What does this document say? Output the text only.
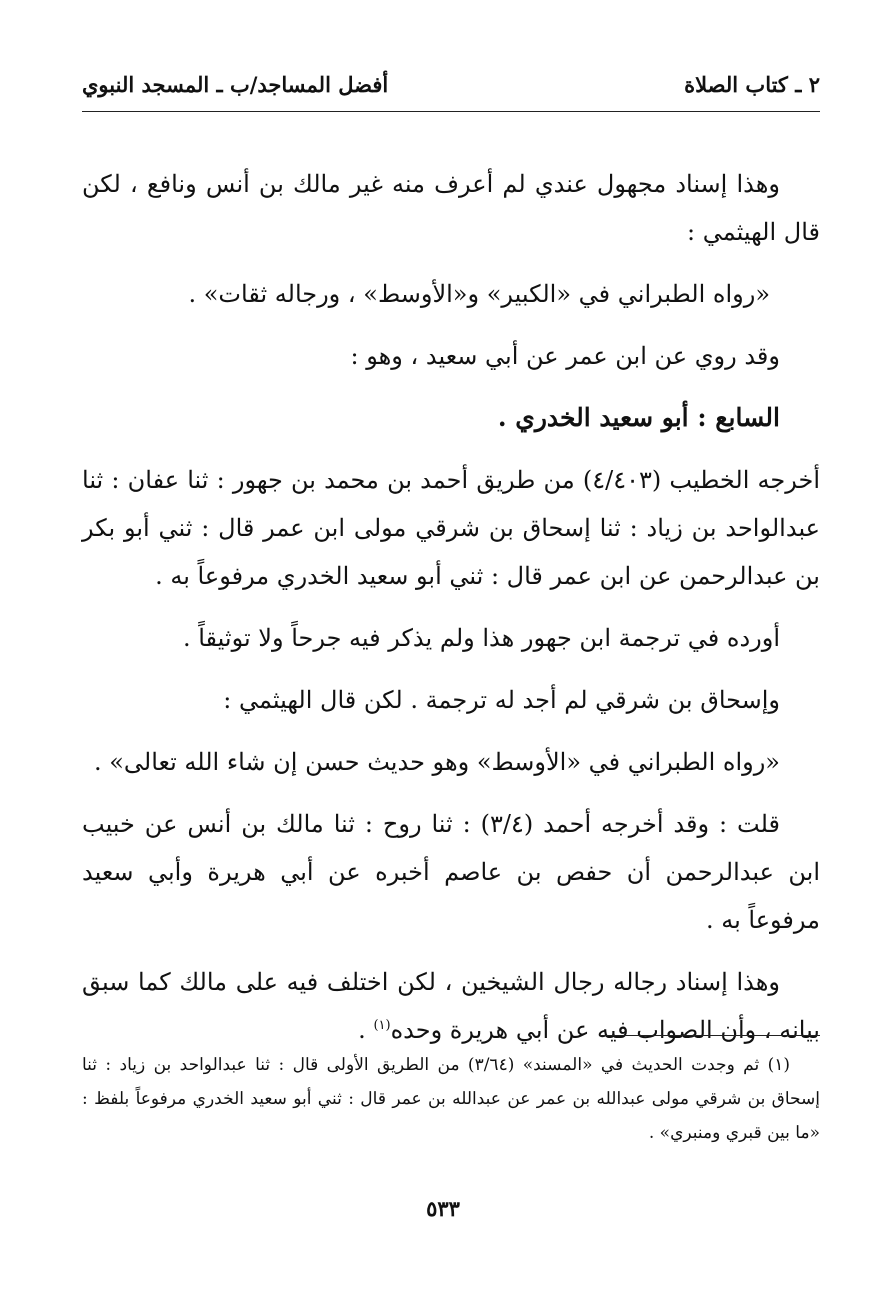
٢ ـ كتاب الصلاة
أفضل المساجد/ب ـ المسجد النبوي

وهذا إسناد مجهول عندي لم أعرف منه غير مالك بن أنس ونافع ، لكن قال الهيثمي :

«رواه الطبراني في «الكبير» و«الأوسط» ، ورجاله ثقات» .

وقد روي عن ابن عمر عن أبي سعيد ، وهو :

السابع : أبو سعيد الخدري .

أخرجه الخطيب (٤/٤٠٣) من طريق أحمد بن محمد بن جهور : ثنا عفان : ثنا عبدالواحد بن زياد : ثنا إسحاق بن شرقي مولى ابن عمر قال : ثني أبو بكر بن عبدالرحمن عن ابن عمر قال : ثني أبو سعيد الخدري مرفوعاً به .

أورده في ترجمة ابن جهور هذا ولم يذكر فيه جرحاً ولا توثيقاً .

وإسحاق بن شرقي لم أجد له ترجمة . لكن قال الهيثمي :

«رواه الطبراني في «الأوسط» وهو حديث حسن إن شاء الله تعالى» .

قلت : وقد أخرجه أحمد (٣/٤) : ثنا روح : ثنا مالك بن أنس عن خبيب ابن عبدالرحمن أن حفص بن عاصم أخبره عن أبي هريرة وأبي سعيد مرفوعاً به .

وهذا إسناد رجاله رجال الشيخين ، لكن اختلف فيه على مالك كما سبق بيانه ، وأن الصواب فيه عن أبي هريرة وحده$^{(١)}$ .

(١) ثم وجدت الحديث في «المسند» (٣/٦٤) من الطريق الأولى قال : ثنا عبدالواحد بن زياد : ثنا إسحاق بن شرقي مولى عبدالله بن عمر عن عبدالله بن عمر قال : ثني أبو سعيد الخدري مرفوعاً بلفظ : «ما بين قبري ومنبري» .

٥٣٣
